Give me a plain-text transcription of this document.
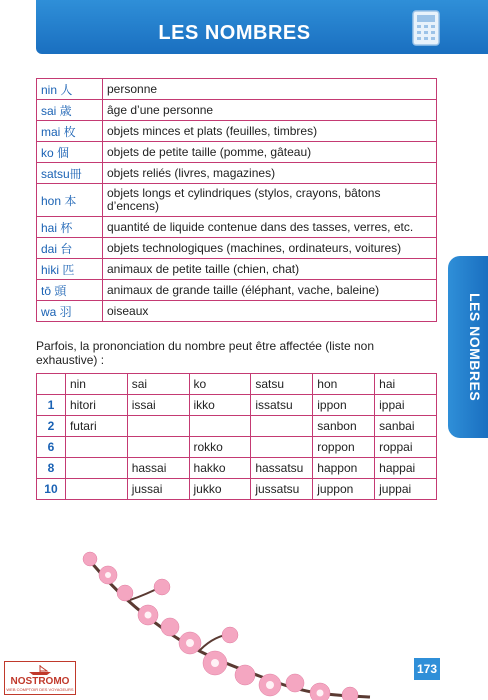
LES NOMBRES
nin 人	personne
sai 歳	âge d’une personne
mai 枚	objets minces et plats (feuilles, timbres)
ko 個	objets de petite taille (pomme, gâteau)
satsu冊	objets reliés (livres, magazines)
hon 本	objets longs et cylindriques (stylos, crayons, bâtons d’encens)
hai 杯	quantité de liquide contenue dans des tasses, verres, etc.
dai 台	objets technologiques (machines, ordinateurs, voitures)
hiki 匹	animaux de petite taille (chien, chat)
tō 頭	animaux de grande taille (éléphant, vache, baleine)
wa 羽	oiseaux
Parfois, la prononciation du nombre peut être affectée (liste non exhaustive) :
	nin	sai	ko	satsu	hon	hai
1	hitori	issai	ikko	issatsu	ippon	ippai
2	futari				sanbon	sanbai
6			rokko		roppon	roppai
8		hassai	hakko	hassatsu	happon	happai
10		jussai	jukko	jussatsu	juppon	juppai
LES NOMBRES
NOSTROMO
WEB COMPTOIR DES VOYAGEURS
173
